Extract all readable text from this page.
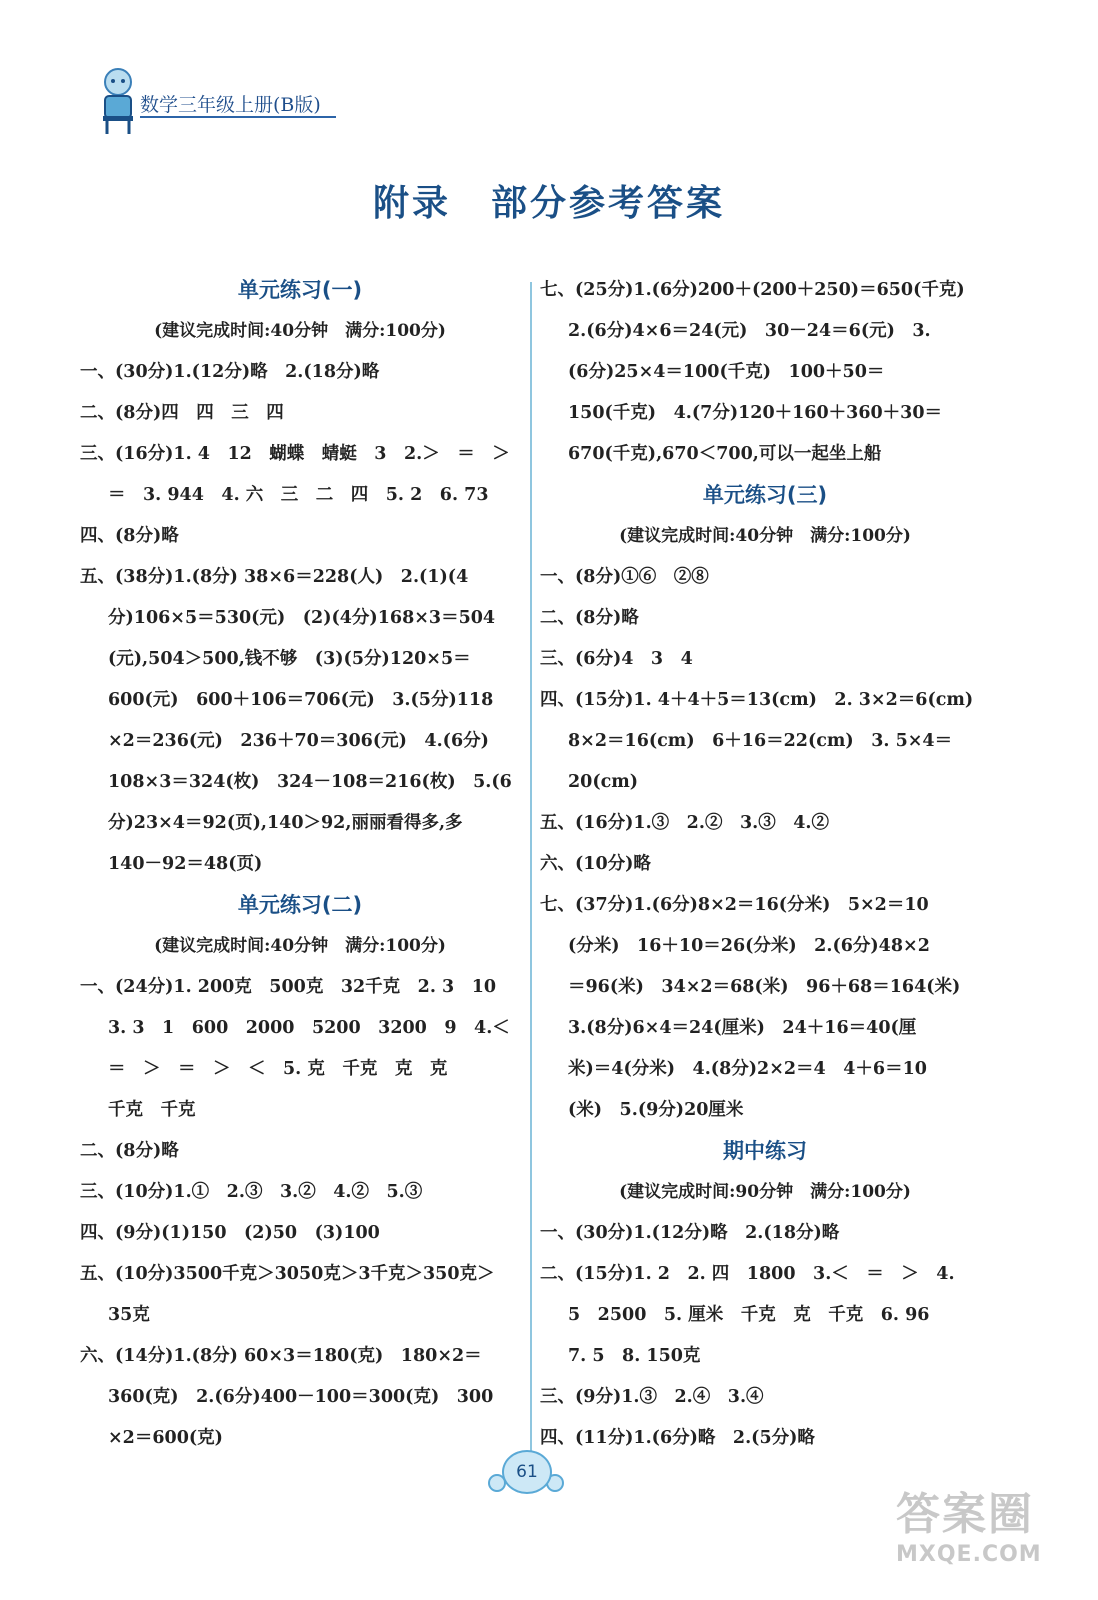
数学三年级上册(B版)
附录 部分参考答案
单元练习(一)
(建议完成时间:40分钟　满分:100分)
一、(30分)1.(12分)略　2.(18分)略
二、(8分)四　四　三　四
三、(16分)1. 4　12　蝴蝶　蜻蜓　3　2.＞　＝　＞
＝　3. 944　4. 六　三　二　四　5. 2　6. 73
四、(8分)略
五、(38分)1.(8分) 38×6＝228(人)　2.(1)(4
分)106×5＝530(元)　(2)(4分)168×3＝504
(元),504＞500,钱不够　(3)(5分)120×5＝
600(元)　600＋106＝706(元)　3.(5分)118
×2＝236(元)　236＋70＝306(元)　4.(6分)
108×3＝324(枚)　324－108＝216(枚)　5.(6
分)23×4＝92(页),140＞92,丽丽看得多,多
140－92＝48(页)
单元练习(二)
(建议完成时间:40分钟　满分:100分)
一、(24分)1. 200克　500克　32千克　2. 3　10
3. 3　1　600　2000　5200　3200　9　4.＜
＝　＞　＝　＞　＜　5. 克　千克　克　克
千克　千克
二、(8分)略
三、(10分)1.①　2.③　3.②　4.②　5.③
四、(9分)(1)150　(2)50　(3)100
五、(10分)3500千克＞3050克＞3千克＞350克＞
35克
六、(14分)1.(8分) 60×3＝180(克)　180×2＝
360(克)　2.(6分)400－100＝300(克)　300
×2＝600(克)
七、(25分)1.(6分)200＋(200＋250)＝650(千克)
2.(6分)4×6＝24(元)　30－24＝6(元)　3.
(6分)25×4＝100(千克)　100＋50＝
150(千克)　4.(7分)120＋160＋360＋30＝
670(千克),670＜700,可以一起坐上船
单元练习(三)
(建议完成时间:40分钟　满分:100分)
一、(8分)①⑥　②⑧
二、(8分)略
三、(6分)4　3　4
四、(15分)1. 4＋4＋5＝13(cm)　2. 3×2＝6(cm)
8×2＝16(cm)　6＋16＝22(cm)　3. 5×4＝
20(cm)
五、(16分)1.③　2.②　3.③　4.②
六、(10分)略
七、(37分)1.(6分)8×2＝16(分米)　5×2＝10
(分米)　16＋10＝26(分米)　2.(6分)48×2
＝96(米)　34×2＝68(米)　96＋68＝164(米)
3.(8分)6×4＝24(厘米)　24＋16＝40(厘
米)＝4(分米)　4.(8分)2×2＝4　4＋6＝10
(米)　5.(9分)20厘米
期中练习
(建议完成时间:90分钟　满分:100分)
一、(30分)1.(12分)略　2.(18分)略
二、(15分)1. 2　2. 四　1800　3.＜　＝　＞　4.
5　2500　5. 厘米　千克　克　千克　6. 96
7. 5　8. 150克
三、(9分)1.③　2.④　3.④
四、(11分)1.(6分)略　2.(5分)略
61
答案圈
MXQE.COM
